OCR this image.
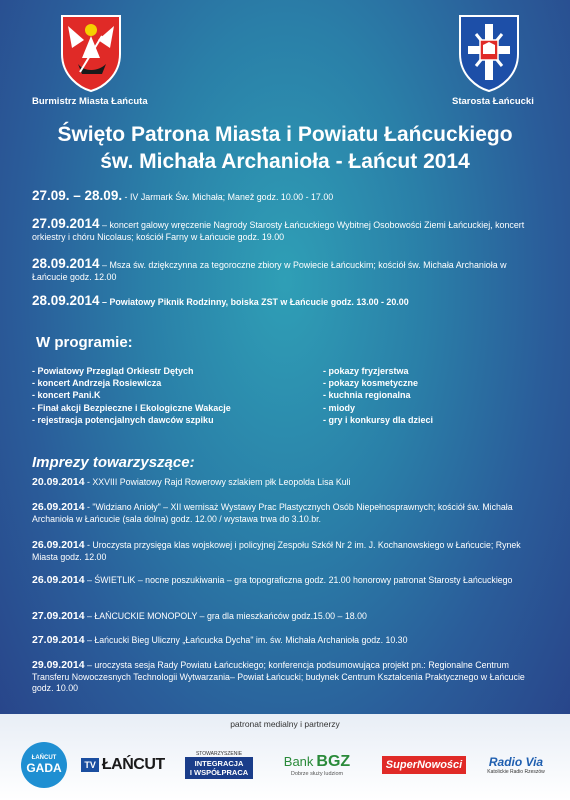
Burmistrz Miasta Łańcuta	Starosta Łańcucki
Święto Patrona Miasta i Powiatu Łańcuckiego
św. Michała Archanioła - Łańcut 2014
27.09. – 28.09. - IV Jarmark Św. Michała; Manež godz. 10.00 - 17.00
27.09.2014 – koncert galowy wręczenie Nagrody Starosty Łańcuckiego Wybitnej Osobowości Ziemi Łańcuckiej, koncert orkiestry i chóru Nicolaus; kościół Farny w Łańcucie godz. 19.00
28.09.2014 – Msza św. dziękczynna za tegoroczne zbiory w Powiecie Łańcuckim; kościół św. Michała Archanioła w Łańcucie godz. 12.00
28.09.2014 – Powiatowy Piknik Rodzinny, boiska ZST w Łańcucie godz. 13.00 - 20.00
W programie:
- Powiatowy Przegląd Orkiestr Dętych
- koncert Andrzeja Rosiewicza
- koncert Pani.K
- Finał akcji Bezpieczne i Ekologiczne Wakacje
- rejestracja potencjalnych dawców szpiku
- pokazy fryzjerstwa
- pokazy kosmetyczne
- kuchnia regionalna
- miody
- gry i konkursy dla dzieci
Imprezy towarzyszące:
20.09.2014 - XXVIII Powiatowy Rajd Rowerowy szlakiem płk Leopolda Lisa Kuli
26.09.2014 - "Widziano Anioły" – XII wernisaż Wystawy Prac Plastycznych Osób Niepełnosprawnych; kościół św. Michała Archanioła w Łańcucie (sala dolna) godz. 12.00 / wystawa trwa do 3.10.br.
26.09.2014 - Uroczysta przysięga klas wojskowej i policyjnej Zespołu Szkół Nr 2 im. J. Kochanowskiego w Łańcucie; Rynek Miasta godz. 12.00
26.09.2014 – ŚWIETLIK – nocne poszukiwania – gra topograficzna godz. 21.00 honorowy patronat Starosty Łańcuckiego
27.09.2014 – ŁAŃCUCKIE MONOPOLY – gra dla mieszkańców godz.15.00 – 18.00
27.09.2014 – Łańcucki Bieg Uliczny „Łańcucka Dycha" im. św. Michała Archanioła godz. 10.30
29.09.2014 – uroczysta sesja Rady Powiatu Łańcuckiego; konferencja podsumowująca projekt pn.: Regionalne Centrum Transferu Nowoczesnych Technologii Wytwarzania– Powiat Łańcucki; budynek Centrum Kształcenia Praktycznego w Łańcucie godz. 10.00
patronat medialny i partnerzy
ŁAŃCUT
GADA	TV ŁAŃCUT
STOWARZYSZENIE
INTEGRACJA
I WSPÓŁPRACA
Bank BGZ
Dobrze służy ludziom
SuperNowości	Radio Via
Katolickie Radio Rzeszów
